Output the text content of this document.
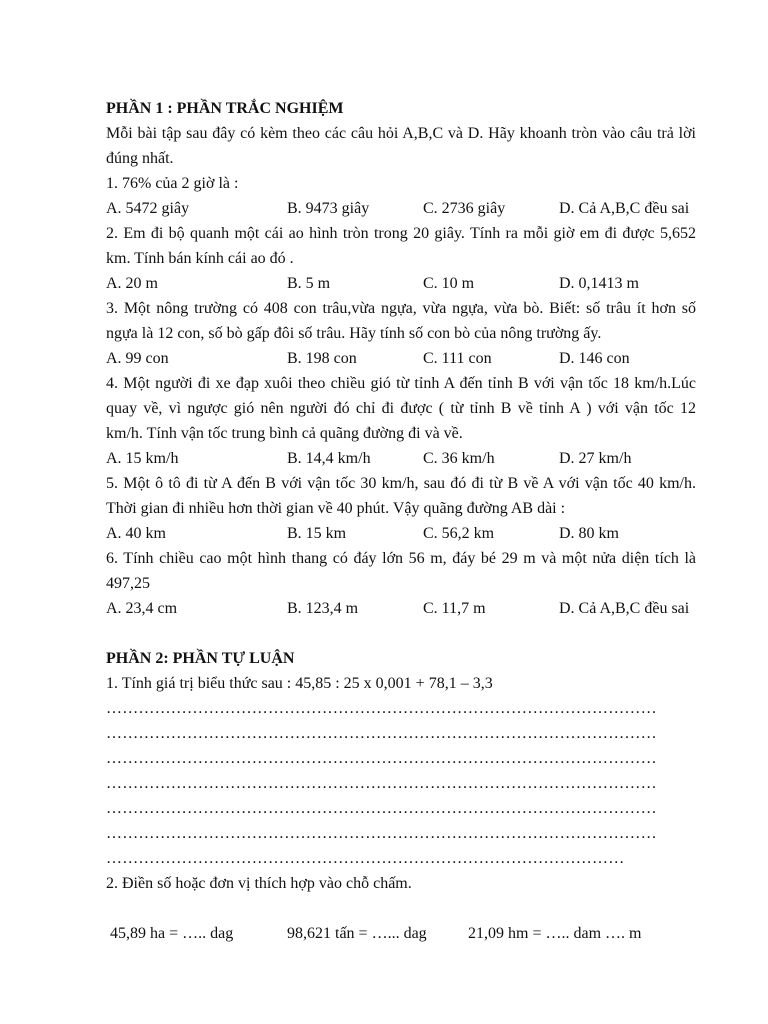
PHẦN 1 : PHẦN TRẮC NGHIỆM
Mỗi bài tập sau đây có kèm theo các câu hỏi A,B,C và D. Hãy khoanh tròn vào câu trả lời
đúng nhất.
1. 76% của 2 giờ là :
A. 5472 giây	B. 9473 giây	C. 2736 giây	D. Cả A,B,C đều sai
2. Em đi bộ quanh một cái ao hình tròn trong 20 giây. Tính ra mỗi giờ em đi được 5,652
km. Tính bán kính cái ao đó .
A. 20 m	B. 5 m	C. 10 m	D. 0,1413 m
3. Một nông trường có 408 con trâu,vừa ngựa, vừa ngựa, vừa bò. Biết: số trâu ít hơn số
ngựa là 12 con, số bò gấp đôi số trâu. Hãy tính số con bò của nông trường ấy.
A. 99 con	B. 198 con	C. 111 con	D. 146 con
4. Một người đi xe đạp xuôi theo chiều gió từ tỉnh A đến tỉnh B với vận tốc 18 km/h.Lúc
quay về, vì ngược gió nên người đó chỉ đi được ( từ tỉnh B về tỉnh A ) với vận tốc 12
km/h. Tính vận tốc trung bình cả quãng đường đi và về.
A. 15 km/h	B. 14,4 km/h	C. 36 km/h	D. 27 km/h
5. Một ô tô đi từ A đến B với vận tốc 30 km/h, sau đó đi từ B về A với vận tốc 40 km/h.
Thời gian đi nhiều hơn thời gian về 40 phút. Vậy quãng đường AB dài :
A. 40 km	B. 15 km	C. 56,2 km	D. 80 km
6. Tính chiều cao một hình thang có đáy lớn 56 m, đáy bé 29 m và một nửa diện tích là
497,25
A. 23,4 cm	B. 123,4 m	C. 11,7 m	D. Cả A,B,C đều sai
PHẦN 2: PHẦN TỰ LUẬN
1. Tính giá trị biểu thức sau : 45,85 : 25 x 0,001 + 78,1 – 3,3
…………………………………………………………………………………………
…………………………………………………………………………………………
…………………………………………………………………………………………
…………………………………………………………………………………………
…………………………………………………………………………………………
…………………………………………………………………………………………
……………………………………………………………………………………
2. Điền số hoặc đơn vị thích hợp vào chỗ chấm.
45,89 ha = ….. dag	98,621 tấn = …... dag	21,09 hm = ….. dam …. m
